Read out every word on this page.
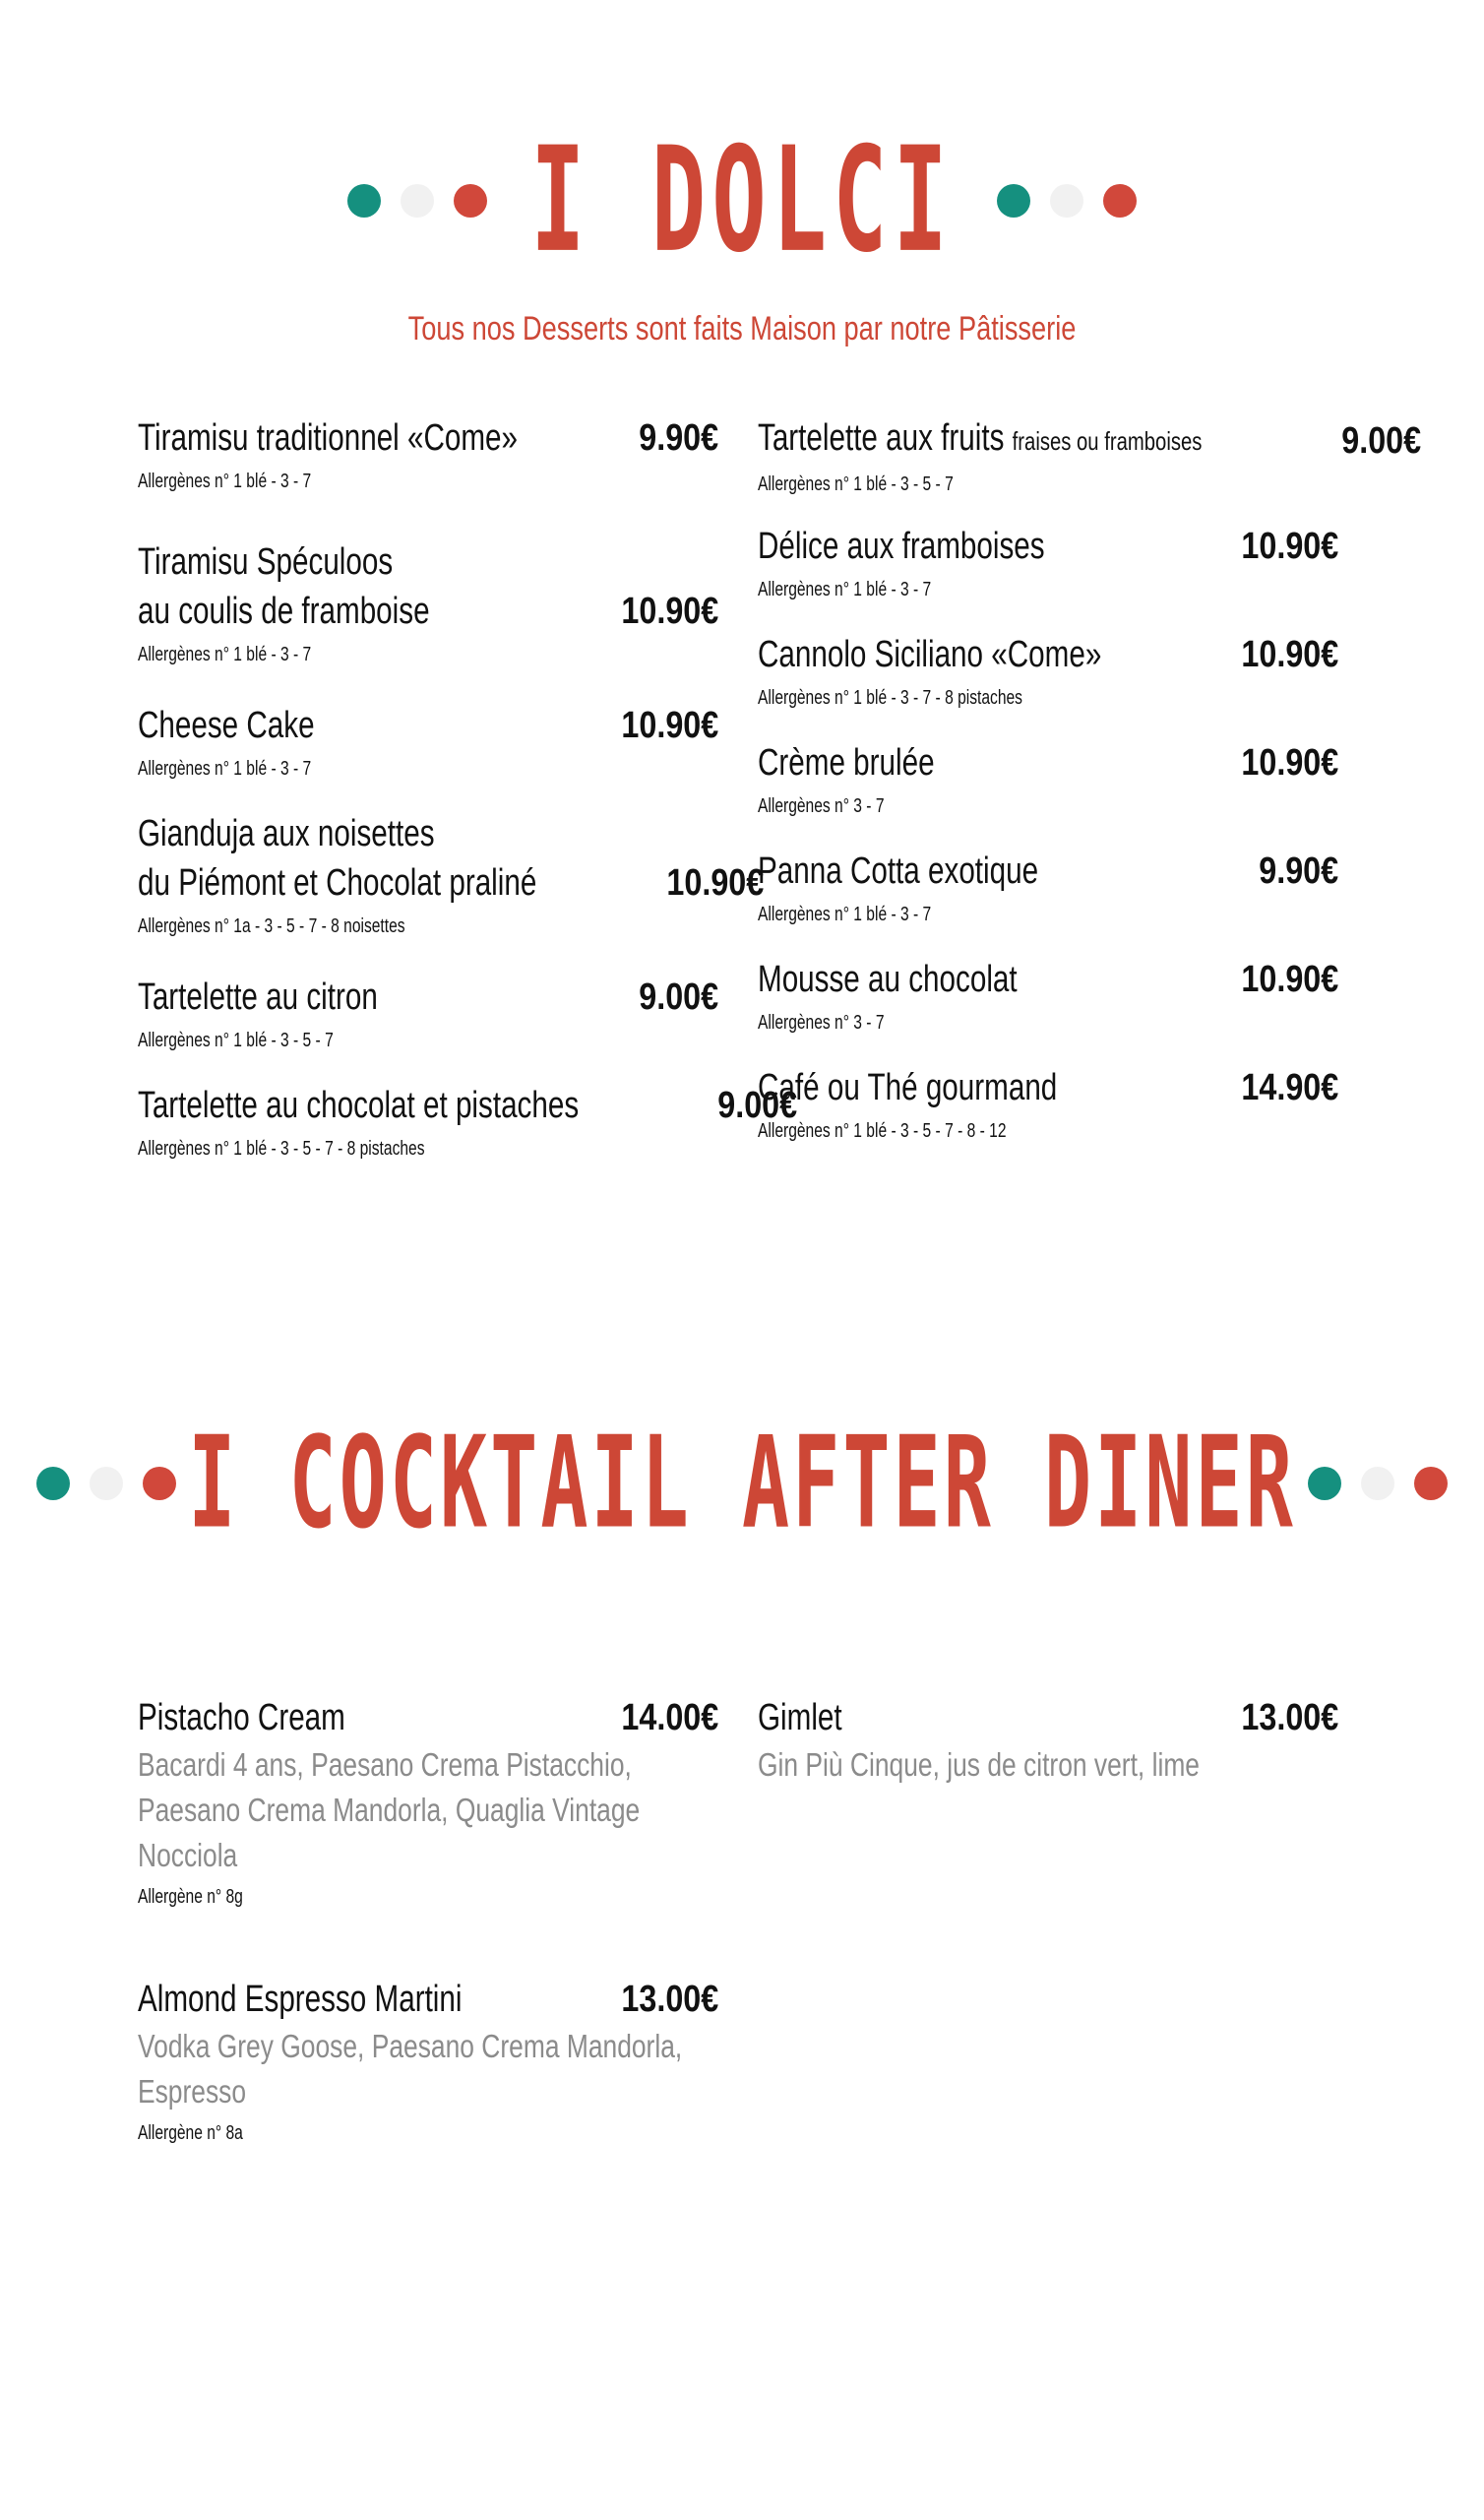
I DOLCI
Tous nos Desserts sont faits Maison par notre Pâtisserie
Tiramisu traditionnel «Come»	9.90€
Allergènes n° 1 blé - 3 - 7
Tiramisu Spéculoos
au coulis de framboise	10.90€
Allergènes n° 1 blé - 3 - 7
Cheese Cake	10.90€
Allergènes n° 1 blé - 3 - 7
Gianduja aux noisettes
du Piémont et Chocolat praliné	10.90€
Allergènes n° 1a - 3 - 5 - 7 - 8 noisettes
Tartelette au citron	9.00€
Allergènes n° 1 blé - 3 - 5 - 7
Tartelette au chocolat et pistaches	9.00€
Allergènes n° 1 blé - 3 - 5 - 7 - 8 pistaches
Tartelette aux fruits fraises ou framboises	9.00€
Allergènes n° 1 blé - 3 - 5 - 7
Délice aux framboises	10.90€
Allergènes n° 1 blé - 3 - 7
Cannolo Siciliano «Come»	10.90€
Allergènes n° 1 blé - 3 - 7 - 8 pistaches
Crème brulée	10.90€
Allergènes n° 3 - 7
Panna Cotta exotique	9.90€
Allergènes n° 1 blé - 3 - 7
Mousse au chocolat	10.90€
Allergènes n° 3 - 7
Café ou Thé gourmand	14.90€
Allergènes n° 1 blé - 3 - 5 - 7 - 8 - 12
I COCKTAIL AFTER DINER
Pistacho Cream	14.00€
Bacardi 4 ans, Paesano Crema Pistacchio,
Paesano Crema Mandorla, Quaglia Vintage
Nocciola
Allergène n° 8g
Almond Espresso Martini	13.00€
Vodka Grey Goose, Paesano Crema Mandorla,
Espresso
Allergène n° 8a
Gimlet	13.00€
Gin Più Cinque, jus de citron vert, lime
